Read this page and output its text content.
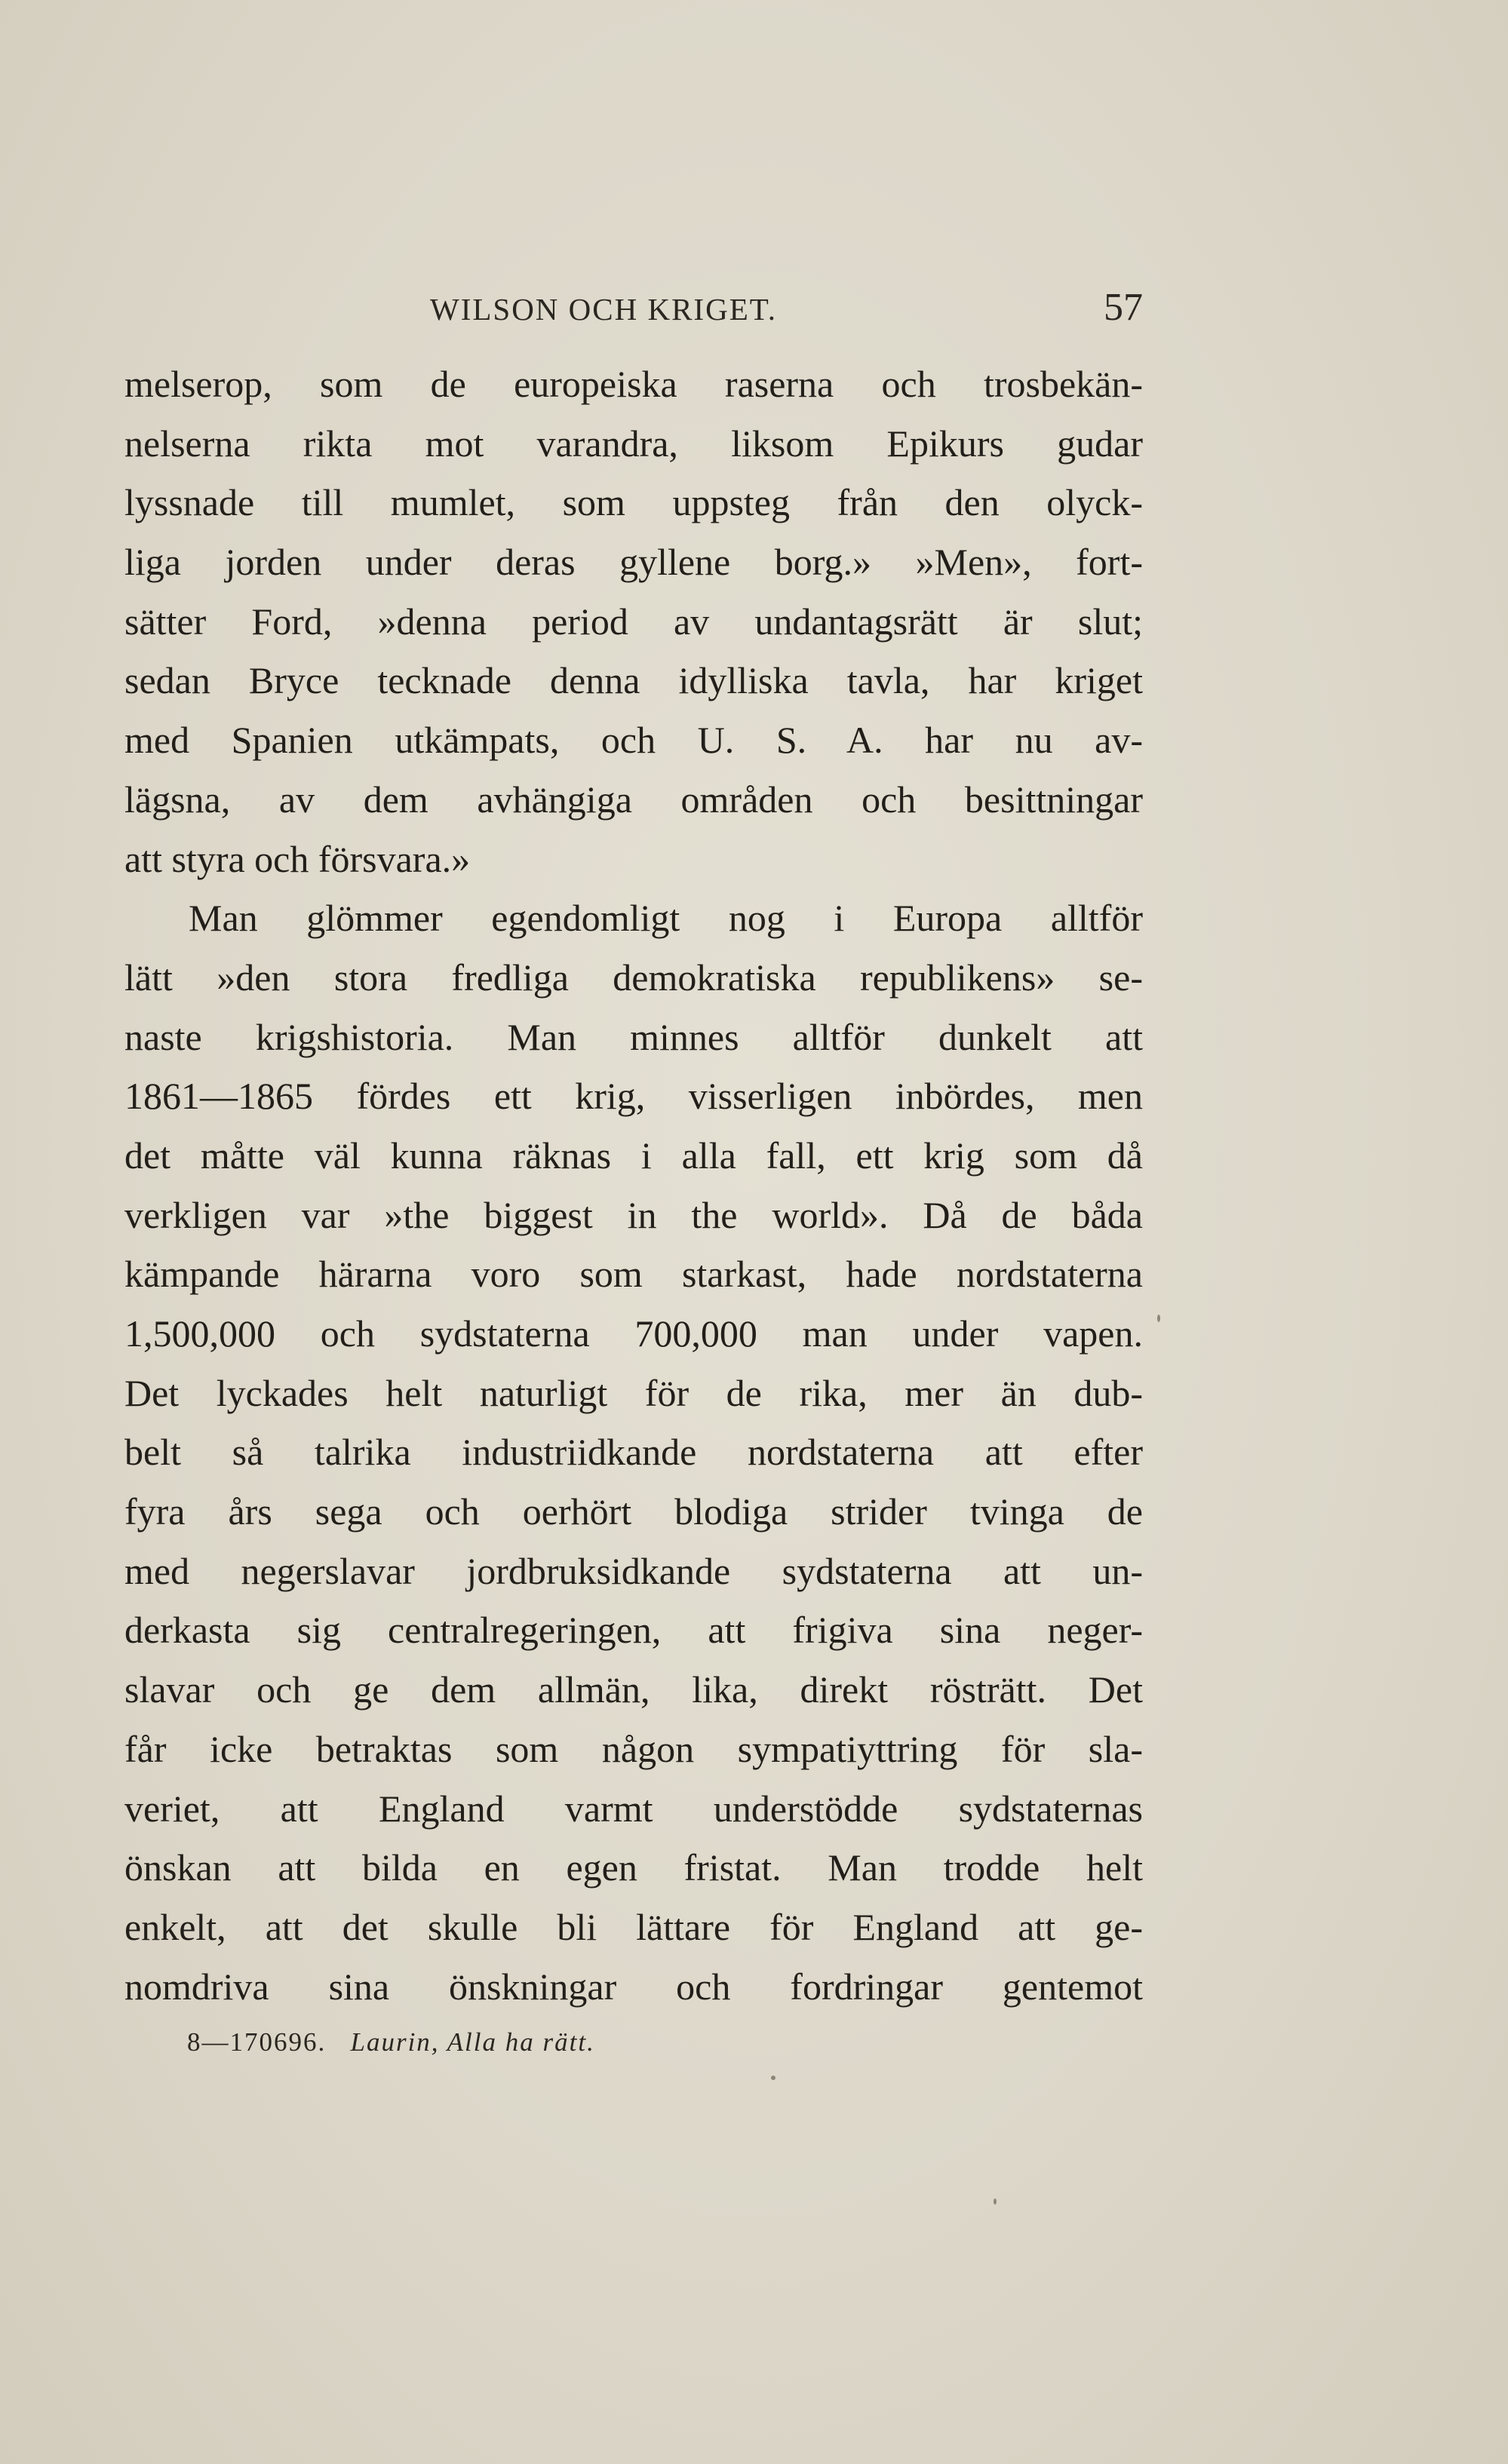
WILSON OCH KRIGET.	57
melserop, som de europeiska raserna och trosbekän-
nelserna rikta mot varandra, liksom Epikurs gudar
lyssnade till mumlet, som uppsteg från den olyck-
liga jorden under deras gyllene borg.» »Men», fort-
sätter Ford, »denna period av undantagsrätt är slut;
sedan Bryce tecknade denna idylliska tavla, har kriget
med Spanien utkämpats, och U. S. A. har nu av-
lägsna, av dem avhängiga områden och besittningar
att styra och försvara.»
Man glömmer egendomligt nog i Europa alltför
lätt »den stora fredliga demokratiska republikens» se-
naste krigshistoria. Man minnes alltför dunkelt att
1861—1865 fördes ett krig, visserligen inbördes, men
det måtte väl kunna räknas i alla fall, ett krig som då
verkligen var »the biggest in the world». Då de båda
kämpande härarna voro som starkast, hade nordstaterna
1,500,000 och sydstaterna 700,000 man under vapen.
Det lyckades helt naturligt för de rika, mer än dub-
belt så talrika industriidkande nordstaterna att efter
fyra års sega och oerhört blodiga strider tvinga de
med negerslavar jordbruksidkande sydstaterna att un-
derkasta sig centralregeringen, att frigiva sina neger-
slavar och ge dem allmän, lika, direkt rösträtt. Det
får icke betraktas som någon sympatiyttring för sla-
veriet, att England varmt understödde sydstaternas
önskan att bilda en egen fristat. Man trodde helt
enkelt, att det skulle bli lättare för England att ge-
nomdriva sina önskningar och fordringar gentemot
8—170696. Laurin, Alla ha rätt.
